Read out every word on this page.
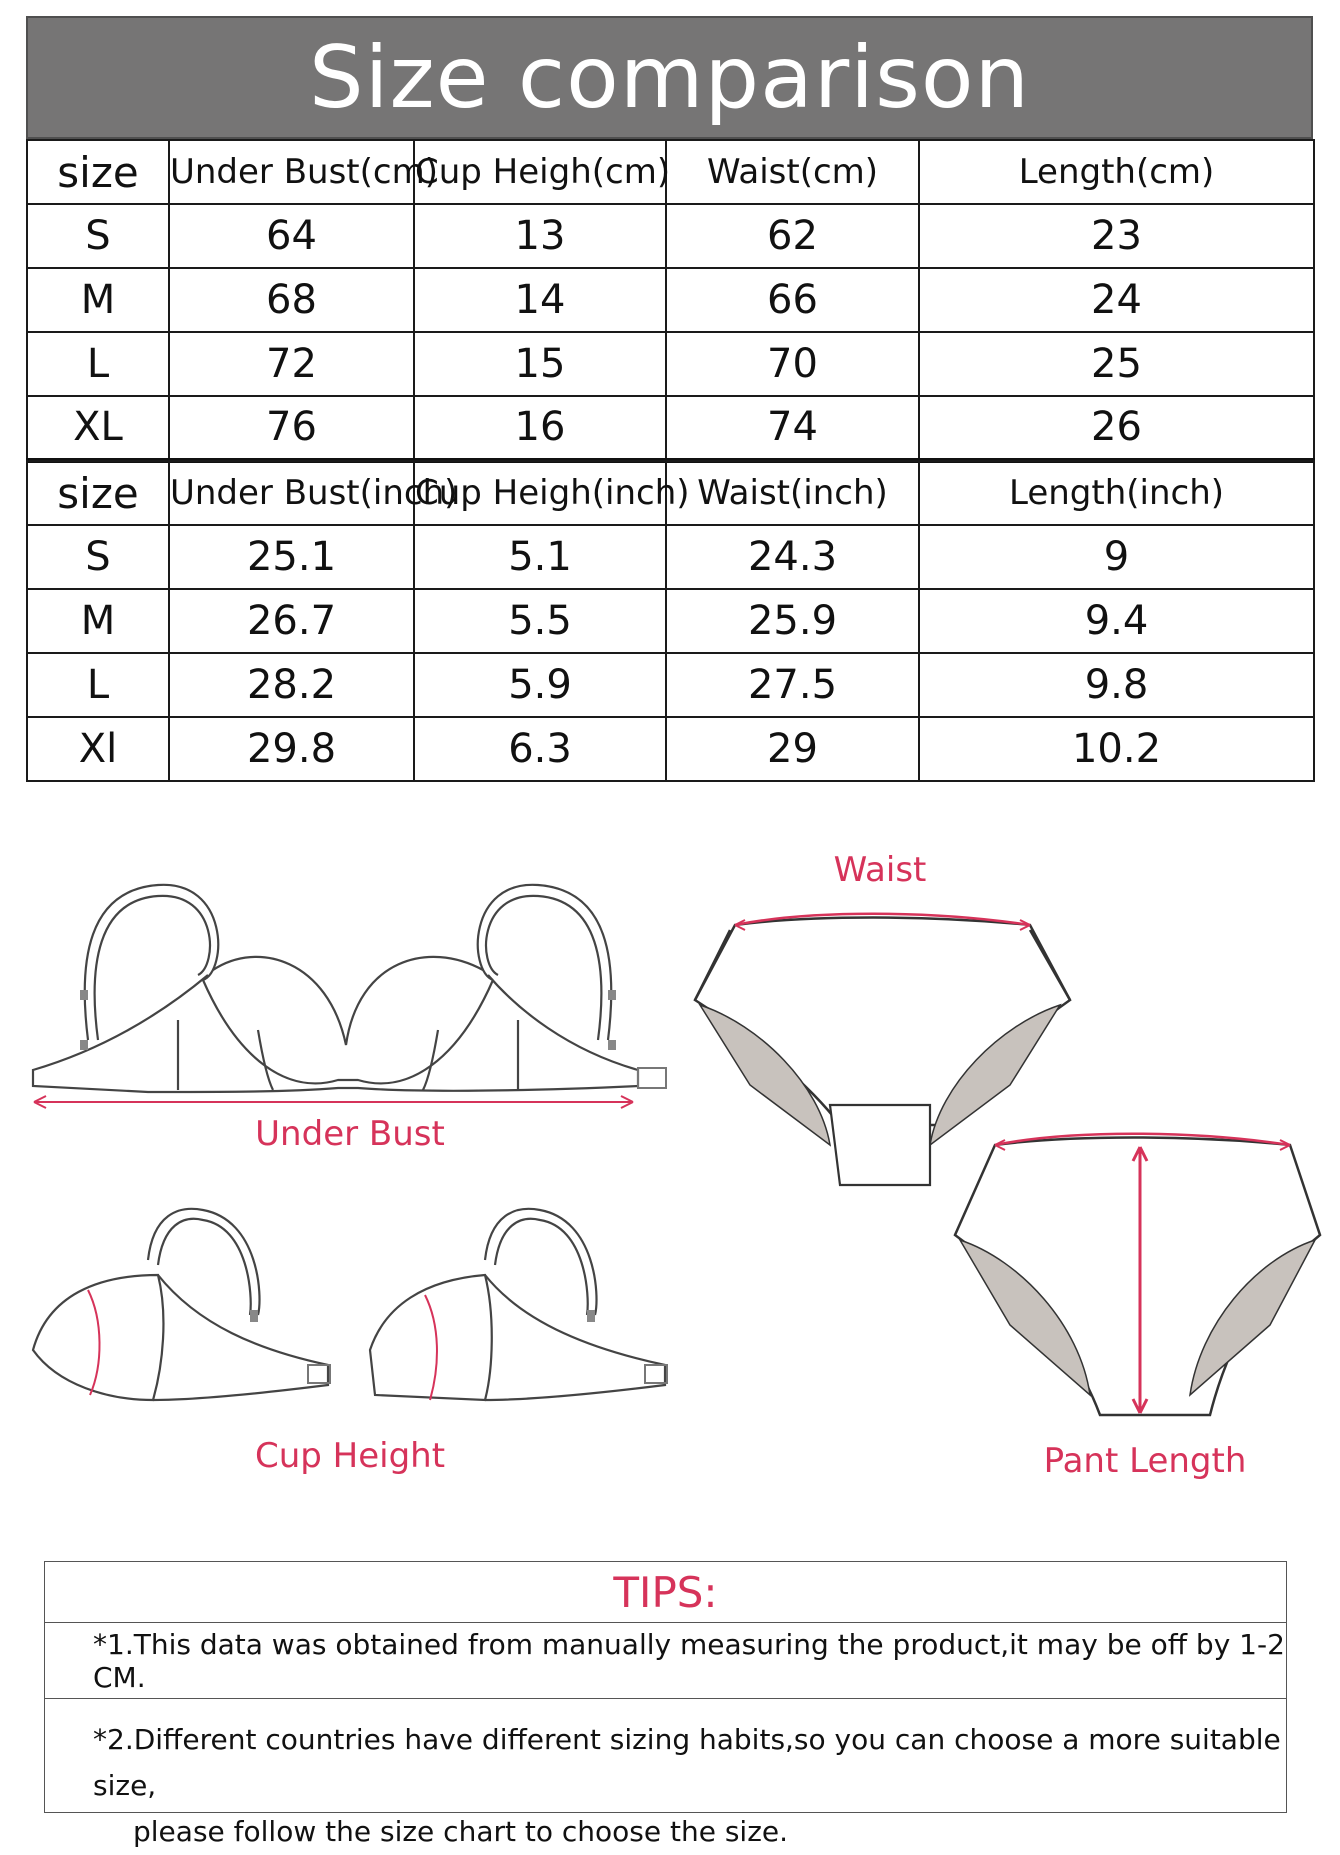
Size comparison
size	Under Bust(cm)	Cup Heigh(cm)	Waist(cm)	Length(cm)
S	64	13	62	23
M	68	14	66	24
L	72	15	70	25
XL	76	16	74	26
size	Under Bust(inch)	Cup Heigh(inch)	Waist(inch)	Length(inch)
S	25.1	5.1	24.3	9
M	26.7	5.5	25.9	9.4
L	28.2	5.9	27.5	9.8
Xl	29.8	6.3	29	10.2
Under Bust
Cup Height
Waist
Pant Length
TIPS:
*1.This data was obtained from manually measuring the product,it may be off by 1-2 CM.
*2.Different countries have different sizing habits,so you can choose a more suitable size,
please follow the size chart to choose the size.
